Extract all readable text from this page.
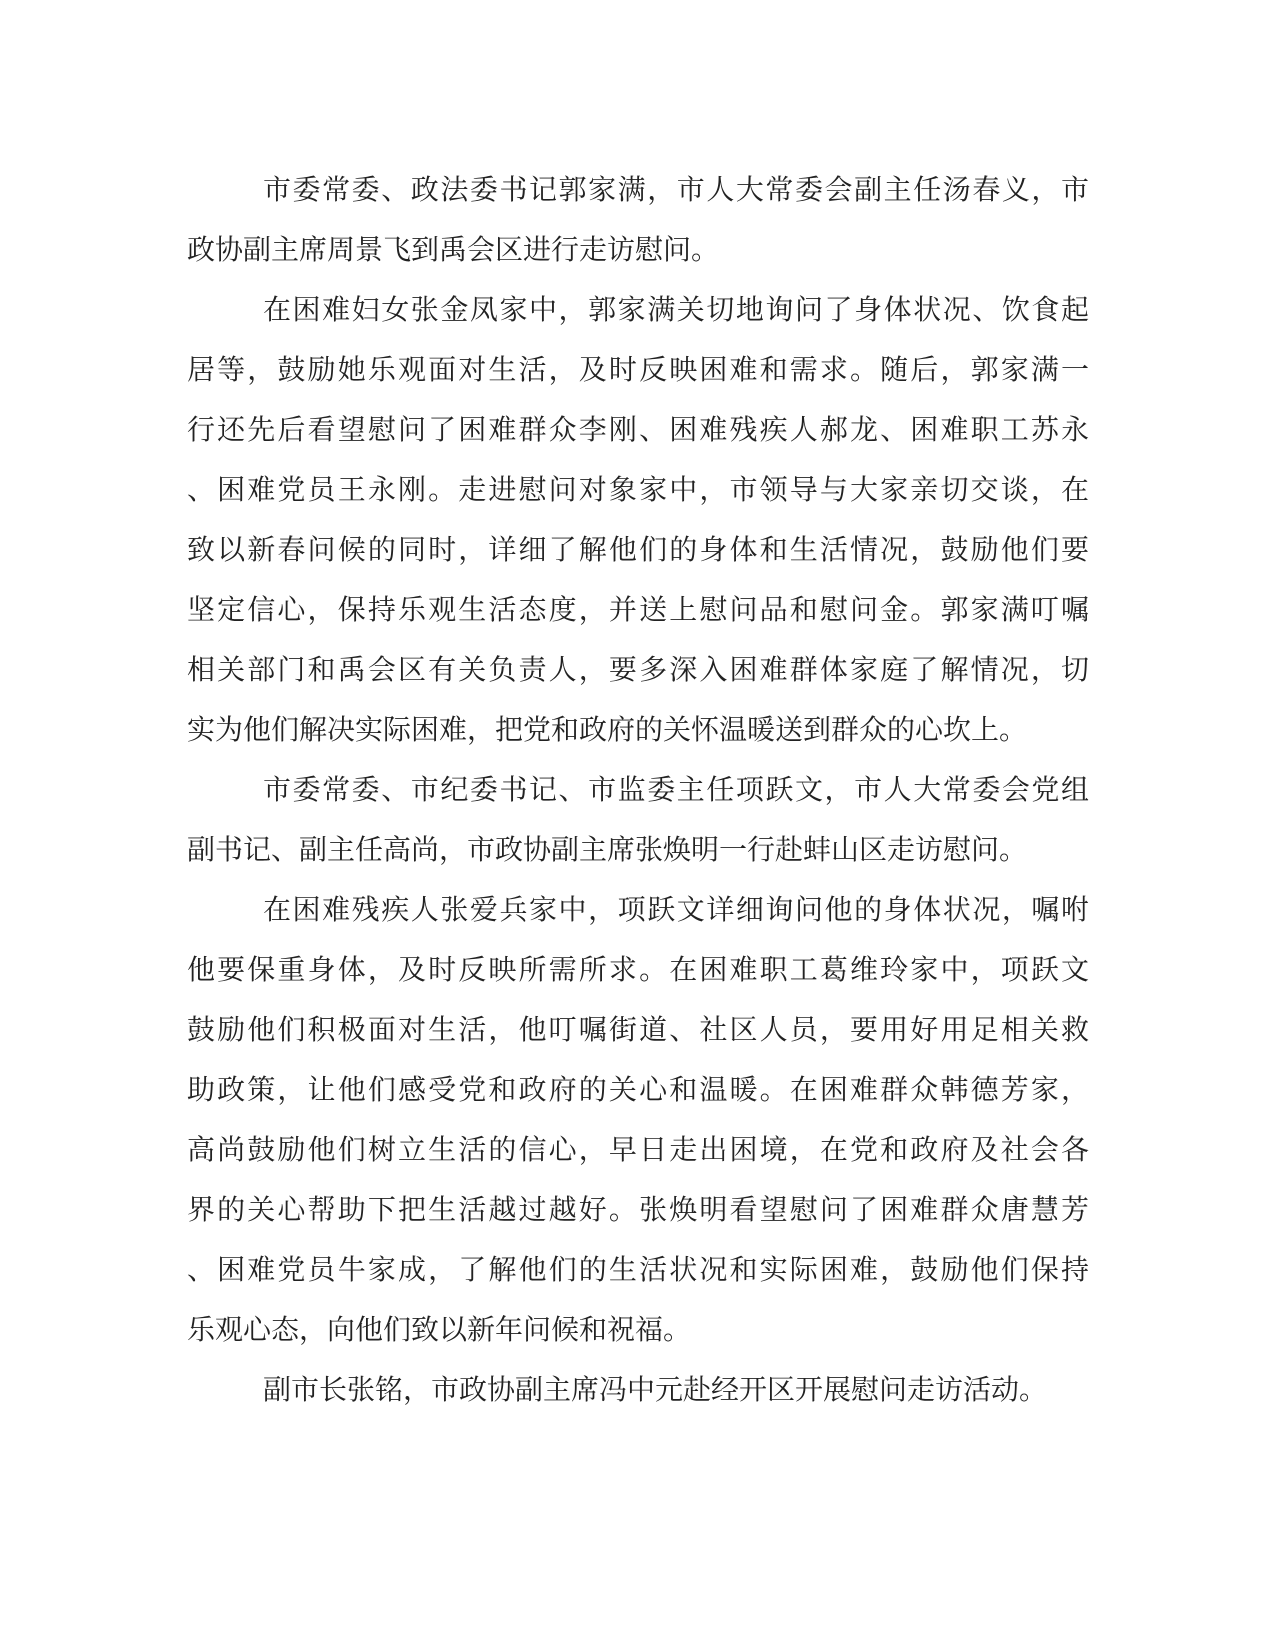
市委常委、政法委书记郭家满，市人大常委会副主任汤春义，市
政协副主席周景飞到禹会区进行走访慰问。
在困难妇女张金凤家中，郭家满关切地询问了身体状况、饮食起
居等，鼓励她乐观面对生活，及时反映困难和需求。随后，郭家满一
行还先后看望慰问了困难群众李刚、困难残疾人郝龙、困难职工苏永
、困难党员王永刚。走进慰问对象家中，市领导与大家亲切交谈，在
致以新春问候的同时，详细了解他们的身体和生活情况，鼓励他们要
坚定信心，保持乐观生活态度，并送上慰问品和慰问金。郭家满叮嘱
相关部门和禹会区有关负责人，要多深入困难群体家庭了解情况，切
实为他们解决实际困难，把党和政府的关怀温暖送到群众的心坎上。
市委常委、市纪委书记、市监委主任项跃文，市人大常委会党组
副书记、副主任高尚，市政协副主席张焕明一行赴蚌山区走访慰问。
在困难残疾人张爱兵家中，项跃文详细询问他的身体状况，嘱咐
他要保重身体，及时反映所需所求。在困难职工葛维玲家中，项跃文
鼓励他们积极面对生活，他叮嘱街道、社区人员，要用好用足相关救
助政策，让他们感受党和政府的关心和温暖。在困难群众韩德芳家，
高尚鼓励他们树立生活的信心，早日走出困境，在党和政府及社会各
界的关心帮助下把生活越过越好。张焕明看望慰问了困难群众唐慧芳
、困难党员牛家成，了解他们的生活状况和实际困难，鼓励他们保持
乐观心态，向他们致以新年问候和祝福。
副市长张铭，市政协副主席冯中元赴经开区开展慰问走访活动。
